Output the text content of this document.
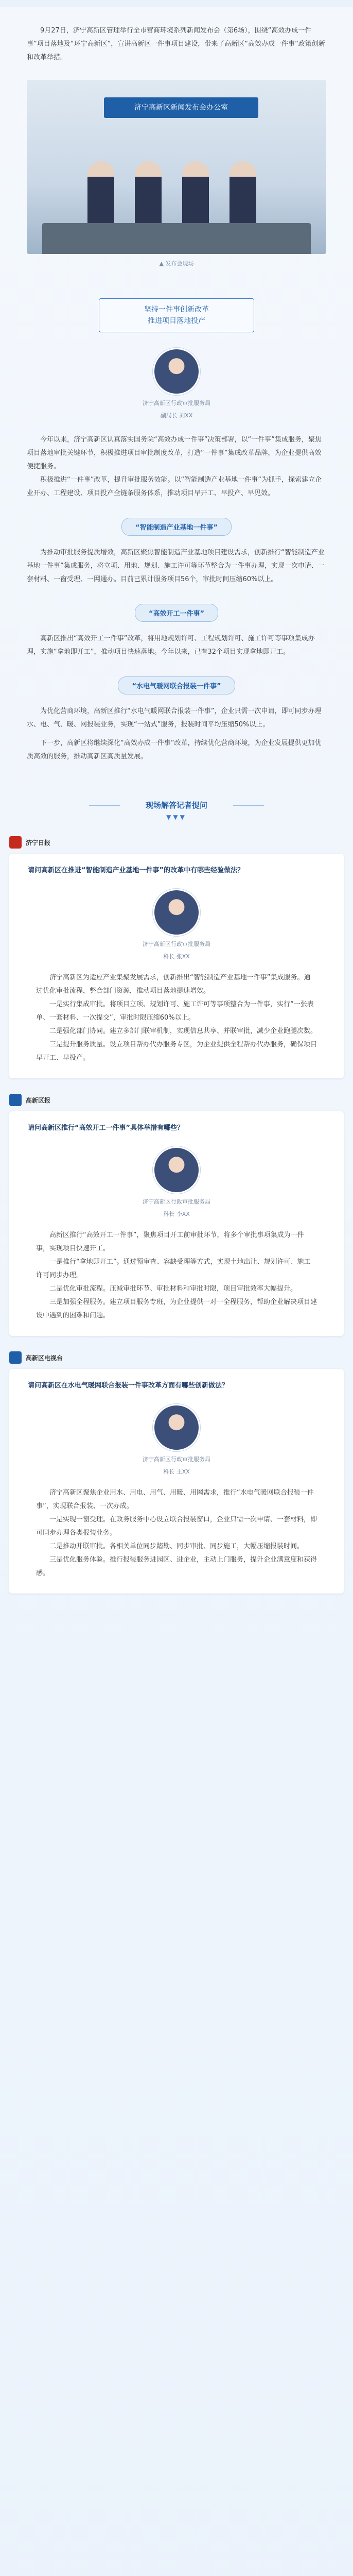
9月27日，济宁高新区管理举行全市营商环境系列新闻发布会（第6场），围绕“高效办成一件事”项目落地及“环宁高新区”，宣讲高新区一件事项目建设，带来了高新区“高效办成一件事”政策创新和改革举措。

济宁高新区新闻发布会办公室
▲ 发布会现场
坚持一件事创新改革
推进项目落地投产
济宁高新区行政审批服务局
副局长 刘XX

今年以来，济宁高新区认真落实国务院“高效办成一件事”决策部署，以“一件事”集成服务，聚焦项目落地审批关键环节，积极推进项目审批制度改革，打造“一件事”集成改革品牌，为企业提供高效便捷服务。

积极推进“一件事”改革，提升审批服务效能。以“智能制造产业基地一件事”为抓手，探索建立企业开办、工程建设、项目投产全链条服务体系，推动项目早开工、早投产、早见效。

“智能制造产业基地一件事”

为推动审批服务提质增效，高新区聚焦智能制造产业基地项目建设需求，创新推行“智能制造产业基地一件事”集成服务，将立项、用地、规划、施工许可等环节整合为一件事办理，实现一次申请、一套材料、一窗受理、一网通办。目前已累计服务项目56个，审批时间压缩60%以上。

“高效开工一件事”

高新区推出“高效开工一件事”改革，将用地规划许可、工程规划许可、施工许可等事项集成办理，实施“拿地即开工”，推动项目快速落地。今年以来，已有32个项目实现拿地即开工。

“水电气暖网联合报装一件事”

为优化营商环境，高新区推行“水电气暖网联合报装一件事”，企业只需一次申请，即可同步办理水、电、气、暖、网报装业务，实现“一站式”服务，报装时间平均压缩50%以上。

下一步，高新区将继续深化“高效办成一件事”改革，持续优化营商环境，为企业发展提供更加优质高效的服务，推动高新区高质量发展。

现场解答记者提问
▼▼▼
济宁日报
请问高新区在推进“智能制造产业基地一件事”的改革中有哪些经验做法？
济宁高新区行政审批服务局
科长 张XX

济宁高新区为适应产业集聚发展需求，创新推出“智能制造产业基地一件事”集成服务。通过优化审批流程，整合部门资源，推动项目落地提速增效。

一是实行集成审批。将项目立项、规划许可、施工许可等事项整合为一件事，实行“一张表单、一套材料、一次提交”，审批时限压缩60%以上。

二是强化部门协同。建立多部门联审机制，实现信息共享、并联审批，减少企业跑腿次数。

三是提升服务质量。设立项目帮办代办服务专区，为企业提供全程帮办代办服务，确保项目早开工、早投产。

高新区报
请问高新区推行“高效开工一件事”具体举措有哪些？
济宁高新区行政审批服务局
科长 李XX

高新区推行“高效开工一件事”，聚焦项目开工前审批环节，将多个审批事项集成为一件事，实现项目快速开工。

一是推行“拿地即开工”。通过预审查、容缺受理等方式，实现土地出让、规划许可、施工许可同步办理。

二是优化审批流程。压减审批环节、审批材料和审批时限，项目审批效率大幅提升。

三是加强全程服务。建立项目服务专班，为企业提供一对一全程服务，帮助企业解决项目建设中遇到的困难和问题。

高新区电视台
请问高新区在水电气暖网联合报装一件事改革方面有哪些创新做法？
济宁高新区行政审批服务局
科长 王XX

济宁高新区聚焦企业用水、用电、用气、用暖、用网需求，推行“水电气暖网联合报装一件事”，实现联合报装、一次办成。

一是实现一窗受理。在政务服务中心设立联合报装窗口，企业只需一次申请、一套材料，即可同步办理各类报装业务。

二是推动并联审批。各相关单位同步踏勘、同步审批、同步施工，大幅压缩报装时间。

三是优化服务体验。推行报装服务进园区、进企业，主动上门服务，提升企业满意度和获得感。
